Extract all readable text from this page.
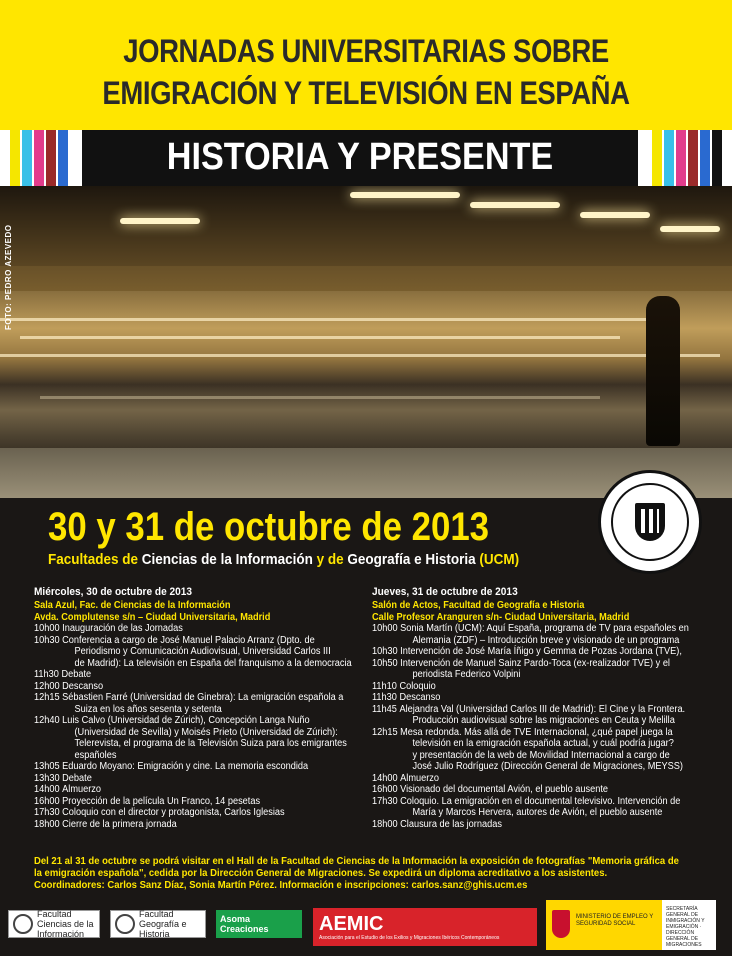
JORNADAS UNIVERSITARIAS SOBRE
EMIGRACIÓN Y TELEVISIÓN EN ESPAÑA
HISTORIA Y PRESENTE
FOTO: PEDRO AZEVEDO
30 y 31 de octubre de 2013
Facultades de Ciencias de la Información y de Geografía e Historia (UCM)
Miércoles, 30 de octubre de 2013
Sala Azul, Fac. de Ciencias de la Información
Avda. Complutense s/n – Ciudad Universitaria, Madrid
10h00 Inauguración de las Jornadas
10h30 Conferencia a cargo de José Manuel Palacio Arranz (Dpto. de
Periodismo y Comunicación Audiovisual, Universidad Carlos III
de Madrid): La televisión en España del franquismo a la democracia
11h30 Debate
12h00 Descanso
12h15 Sébastien Farré (Universidad de Ginebra): La emigración española a
Suiza en los años sesenta y setenta
12h40 Luis Calvo (Universidad de Zúrich), Concepción Langa Nuño
(Universidad de Sevilla) y Moisés Prieto (Universidad de Zúrich):
Telerevista, el programa de la Televisión Suiza para los emigrantes
españoles
13h05 Eduardo Moyano: Emigración y cine. La memoria escondida
13h30 Debate
14h00 Almuerzo
16h00 Proyección de la película Un Franco, 14 pesetas
17h30 Coloquio con el director y protagonista, Carlos Iglesias
18h00 Cierre de la primera jornada
Jueves, 31 de octubre de 2013
Salón de Actos, Facultad de Geografía e Historia
Calle Profesor Aranguren s/n- Ciudad Universitaria, Madrid
10h00 Sonia Martín (UCM): Aquí España, programa de TV para españoles en
Alemania (ZDF) – Introducción breve y visionado de un programa
10h30 Intervención de José María Íñigo y Gemma de Pozas Jordana (TVE),
10h50 Intervención de Manuel Sainz Pardo-Toca (ex-realizador TVE) y el
periodista Federico Volpini
11h10 Coloquio
11h30 Descanso
11h45 Alejandra Val (Universidad Carlos III de Madrid): El Cine y la Frontera.
Producción audiovisual sobre las migraciones en Ceuta y Melilla
12h15 Mesa redonda. Más allá de TVE Internacional, ¿qué papel juega la
televisión en la emigración española actual, y cuál podría jugar?
y presentación de la web de Movilidad Internacional a cargo de
José Julio Rodríguez (Dirección General de Migraciones, MEYSS)
14h00 Almuerzo
16h00 Visionado del documental Avión, el pueblo ausente
17h30 Coloquio. La emigración en el documental televisivo. Intervención de
María y Marcos Hervera, autores de Avión, el pueblo ausente
18h00 Clausura de las jornadas
Del 21 al 31 de octubre se podrá visitar en el Hall de la Facultad de Ciencias de la Información la exposición de fotografías "Memoria gráfica de la emigración española", cedida por la Dirección General de Migraciones. Se expedirá un diploma acreditativo a los asistentes. Coordinadores: Carlos Sanz Díaz, Sonia Martín Pérez. Información e inscripciones: carlos.sanz@ghis.ucm.es
Facultad Ciencias de la Información
Facultad Geografía e Historia
Asoma Creaciones	AEMIC
Asociación para el Estudio de los Exilios y Migraciones Ibéricos Contemporáneos
MINISTERIO DE EMPLEO Y SEGURIDAD SOCIAL
SECRETARÍA GENERAL DE INMIGRACIÓN Y EMIGRACIÓN · DIRECCIÓN GENERAL DE MIGRACIONES
